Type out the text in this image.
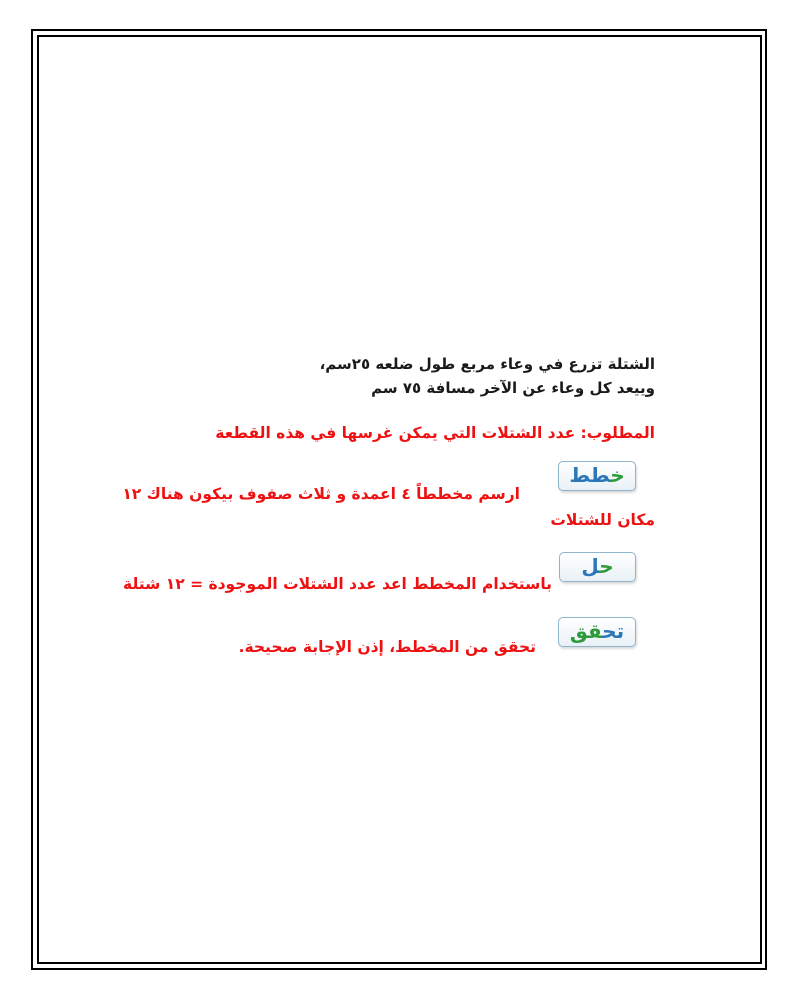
الشتلة تزرع في وعاء مربع طول ضلعه ٢٥سم،
وييعد كل وعاء عن الآخر مسافة ٧٥ سم
المطلوب: عدد الشتلات التي يمكن غرسها في هذه القطعة
خطط
ارسم مخططاً ٤ اعمدة و ثلاث صفوف بيكون هناك ١٢
مكان للشتلات
حل
باستخدام المخطط اعد عدد الشتلات الموجودة = ١٢ شتلة
تحقق
تحقق من المخطط، إذن الإجابة صحيحة.
